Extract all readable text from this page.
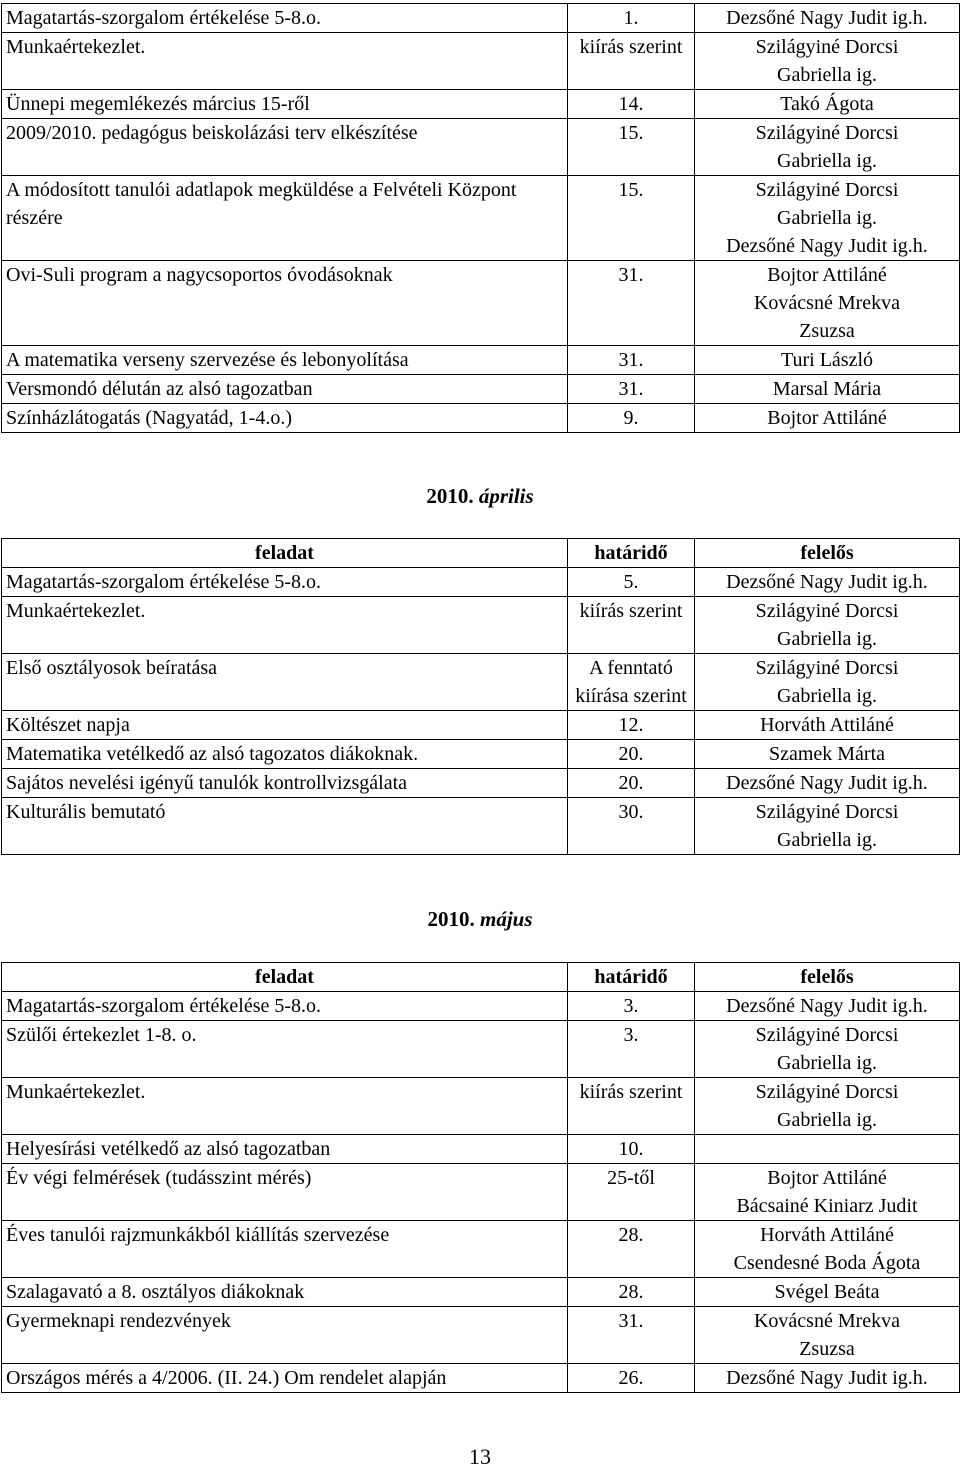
Magatartás-szorgalom értékelése 5-8.o.	1.	Dezsőné Nagy Judit ig.h.

Munkaértekezlet.	kiírás szerint	Szilágyiné Dorcsi
Gabriella ig.

Ünnepi megemlékezés március 15-ről	14.	Takó Ágota

2009/2010. pedagógus beiskolázási terv elkészítése	15.	Szilágyiné Dorcsi
Gabriella ig.

A módosított tanulói adatlapok megküldése a Felvételi Központ részére	15.	Szilágyiné Dorcsi
Gabriella ig.
Dezsőné Nagy Judit ig.h.

Ovi-Suli program a nagycsoportos óvodásoknak	31.	Bojtor Attiláné
Kovácsné Mrekva
Zsuzsa

A matematika verseny szervezése és lebonyolítása	31.	Turi László

Versmondó délután az alsó tagozatban	31.	Marsal Mária

Színházlátogatás (Nagyatád, 1-4.o.)	9.	Bojtor Attiláné
2010. április
feladat	határidő	felelős
Magatartás-szorgalom értékelése 5-8.o.	5.	Dezsőné Nagy Judit ig.h.

Munkaértekezlet.	kiírás szerint	Szilágyiné Dorcsi
Gabriella ig.

Első osztályosok beíratása	A fenntató kiírása szerint	Szilágyiné Dorcsi
Gabriella ig.

Költészet napja	12.	Horváth Attiláné

Matematika vetélkedő az alsó tagozatos diákoknak.	20.	Szamek Márta

Sajátos nevelési igényű tanulók kontrollvizsgálata	20.	Dezsőné Nagy Judit ig.h.

Kulturális bemutató	30.	Szilágyiné Dorcsi
Gabriella ig.
2010. május
feladat	határidő	felelős
Magatartás-szorgalom értékelése 5-8.o.	3.	Dezsőné Nagy Judit ig.h.

Szülői értekezlet 1-8. o.	3.	Szilágyiné Dorcsi
Gabriella ig.

Munkaértekezlet.	kiírás szerint	Szilágyiné Dorcsi
Gabriella ig.

Helyesírási vetélkedő az alsó tagozatban	10.	
Év végi felmérések (tudásszint mérés)	25-től	Bojtor Attiláné
Bácsainé Kiniarz Judit

Éves tanulói rajzmunkákból kiállítás szervezése	28.	Horváth Attiláné
Csendesné Boda Ágota

Szalagavató a 8. osztályos diákoknak	28.	Svégel Beáta

Gyermeknapi rendezvények	31.	Kovácsné Mrekva
Zsuzsa

Országos mérés a 4/2006. (II. 24.) Om rendelet alapján	26.	Dezsőné Nagy Judit ig.h.
13
